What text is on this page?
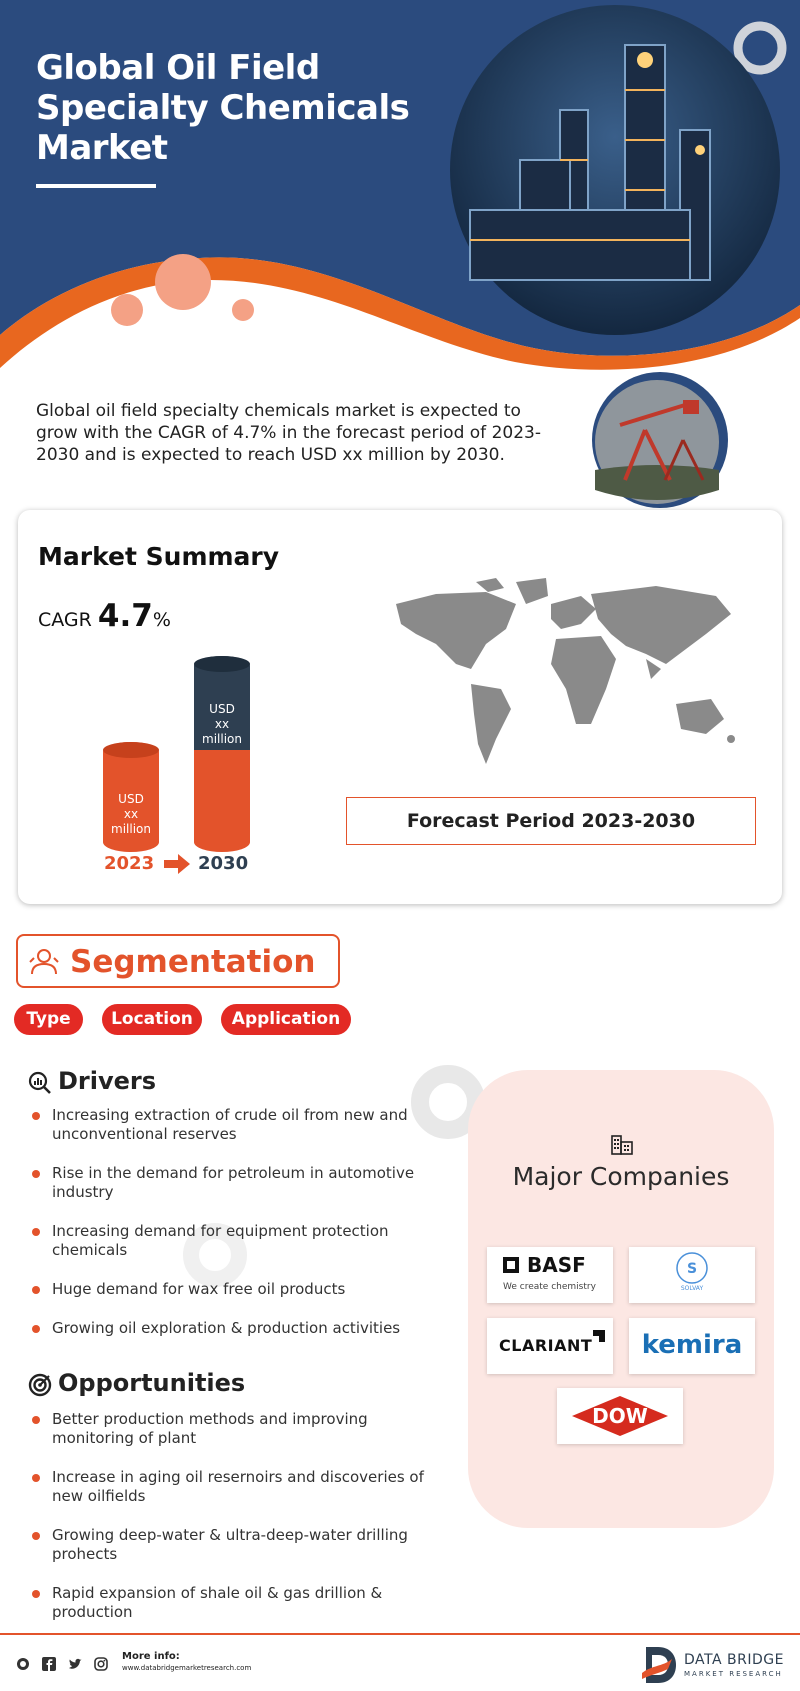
Global Oil Field
Specialty Chemicals
Market

Global oil field specialty chemicals market is expected to grow with the CAGR of 4.7% in the forecast period of 2023-2030 and is expected to reach USD xx million by 2030.

Market Summary
CAGR 4.7%
USD
xx
million
USD
xx
million
2023 2030
Forecast Period 2023-2030
Segmentation
Type	Location	Application
Drivers
Increasing extraction of crude oil from new and
unconventional reserves
Rise in the demand for petroleum in automotive
industry
Increasing demand for equipment protection
chemicals
Huge demand for wax free oil products
Growing oil exploration & production activities
Opportunities
Better production methods and improving
monitoring of plant
Increase in aging oil resernoirs and discoveries of
new oilfields
Growing deep-water & ultra-deep-water drilling
prohects
Rapid expansion of shale oil & gas drillion &
production
Major Companies
BASF
We create chemistry
S
SOLVAY
CLARIANT	kemira
DOW
More info:
www.databridgemarketresearch.com	DATA BRIDGE
MARKET RESEARCH
